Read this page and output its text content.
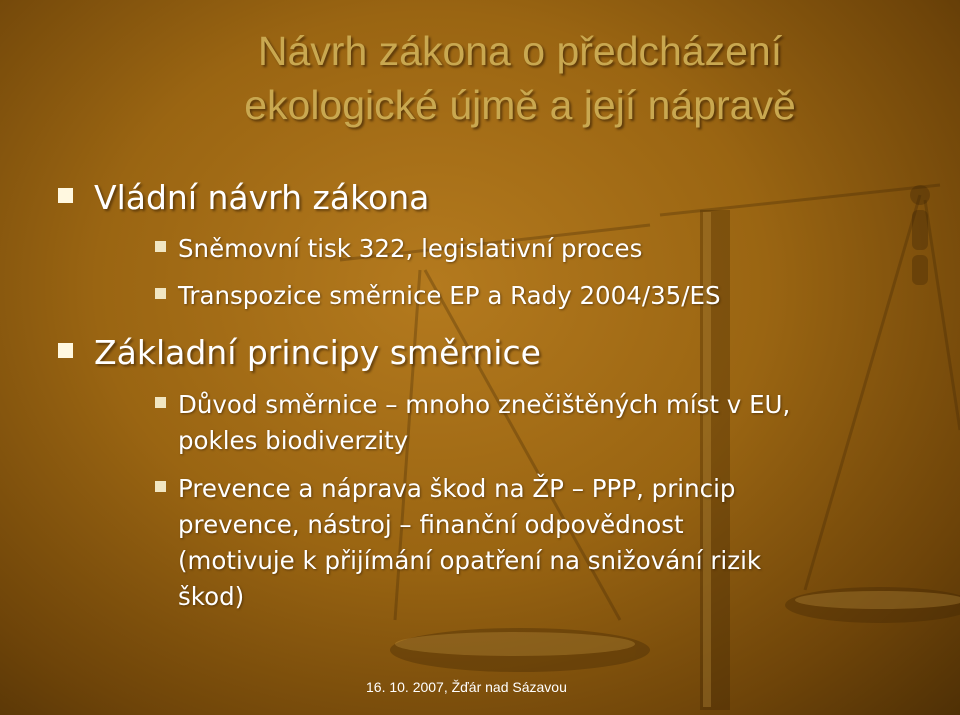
Návrh zákona o předcházení
ekologické újmě a její nápravě
Vládní návrh zákona
Sněmovní tisk 322, legislativní proces
Transpozice směrnice EP a Rady 2004/35/ES
Základní principy směrnice
Důvod směrnice – mnoho znečištěných míst v EU,
pokles biodiverzity
Prevence a náprava škod na ŽP – PPP, princip
prevence, nástroj – finanční odpovědnost
(motivuje k přijímání opatření na snižování rizik
škod)
16. 10. 2007, Žďár nad Sázavou
